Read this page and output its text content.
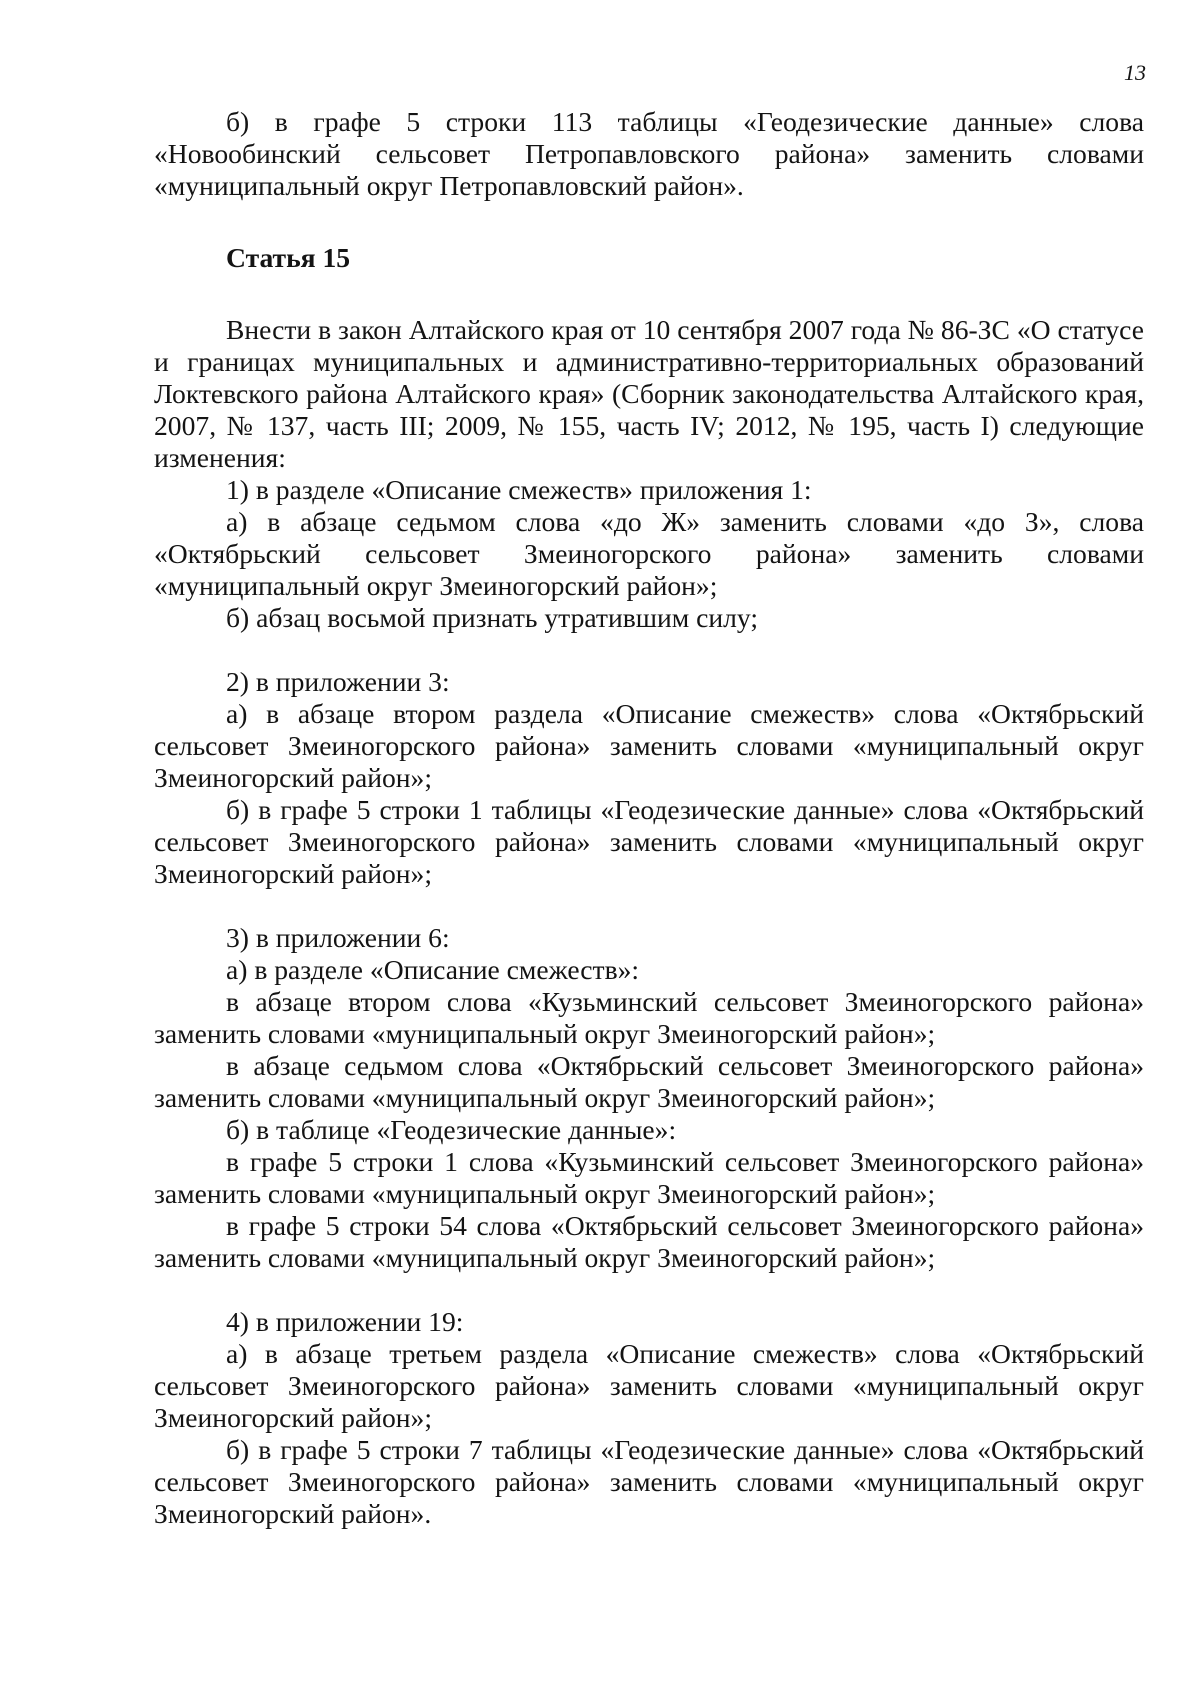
13

б) в графе 5 строки 113 таблицы «Геодезические данные» слова «Новообинский сельсовет Петропавловского района» заменить словами «муниципальный округ Петропавловский район».

Статья 15

Внести в закон Алтайского края от 10 сентября 2007 года № 86-ЗС «О статусе и границах муниципальных и административно-территориальных образований Локтевского района Алтайского края» (Сборник законодательства Алтайского края, 2007, № 137, часть III; 2009, № 155, часть IV; 2012, № 195, часть I) следующие изменения:

1) в разделе «Описание смежеств» приложения 1:

а) в абзаце седьмом слова «до Ж» заменить словами «до З», слова «Октябрьский сельсовет Змеиногорского района» заменить словами «муниципальный округ Змеиногорский район»;

б) абзац восьмой признать утратившим силу;

2) в приложении 3:

а) в абзаце втором раздела «Описание смежеств» слова «Октябрьский сельсовет Змеиногорского района» заменить словами «муниципальный округ Змеиногорский район»;

б) в графе 5 строки 1 таблицы «Геодезические данные» слова «Октябрьский сельсовет Змеиногорского района» заменить словами «муниципальный округ Змеиногорский район»;

3) в приложении 6:

а) в разделе «Описание смежеств»:

в абзаце втором слова «Кузьминский сельсовет Змеиногорского района» заменить словами «муниципальный округ Змеиногорский район»;

в абзаце седьмом слова «Октябрьский сельсовет Змеиногорского района» заменить словами «муниципальный округ Змеиногорский район»;

б) в таблице «Геодезические данные»:

в графе 5 строки 1 слова «Кузьминский сельсовет Змеиногорского района» заменить словами «муниципальный округ Змеиногорский район»;

в графе 5 строки 54 слова «Октябрьский сельсовет Змеиногорского района» заменить словами «муниципальный округ Змеиногорский район»;

4) в приложении 19:

а) в абзаце третьем раздела «Описание смежеств» слова «Октябрьский сельсовет Змеиногорского района» заменить словами «муниципальный округ Змеиногорский район»;

б) в графе 5 строки 7 таблицы «Геодезические данные» слова «Октябрьский сельсовет Змеиногорского района» заменить словами «муниципальный округ Змеиногорский район».
